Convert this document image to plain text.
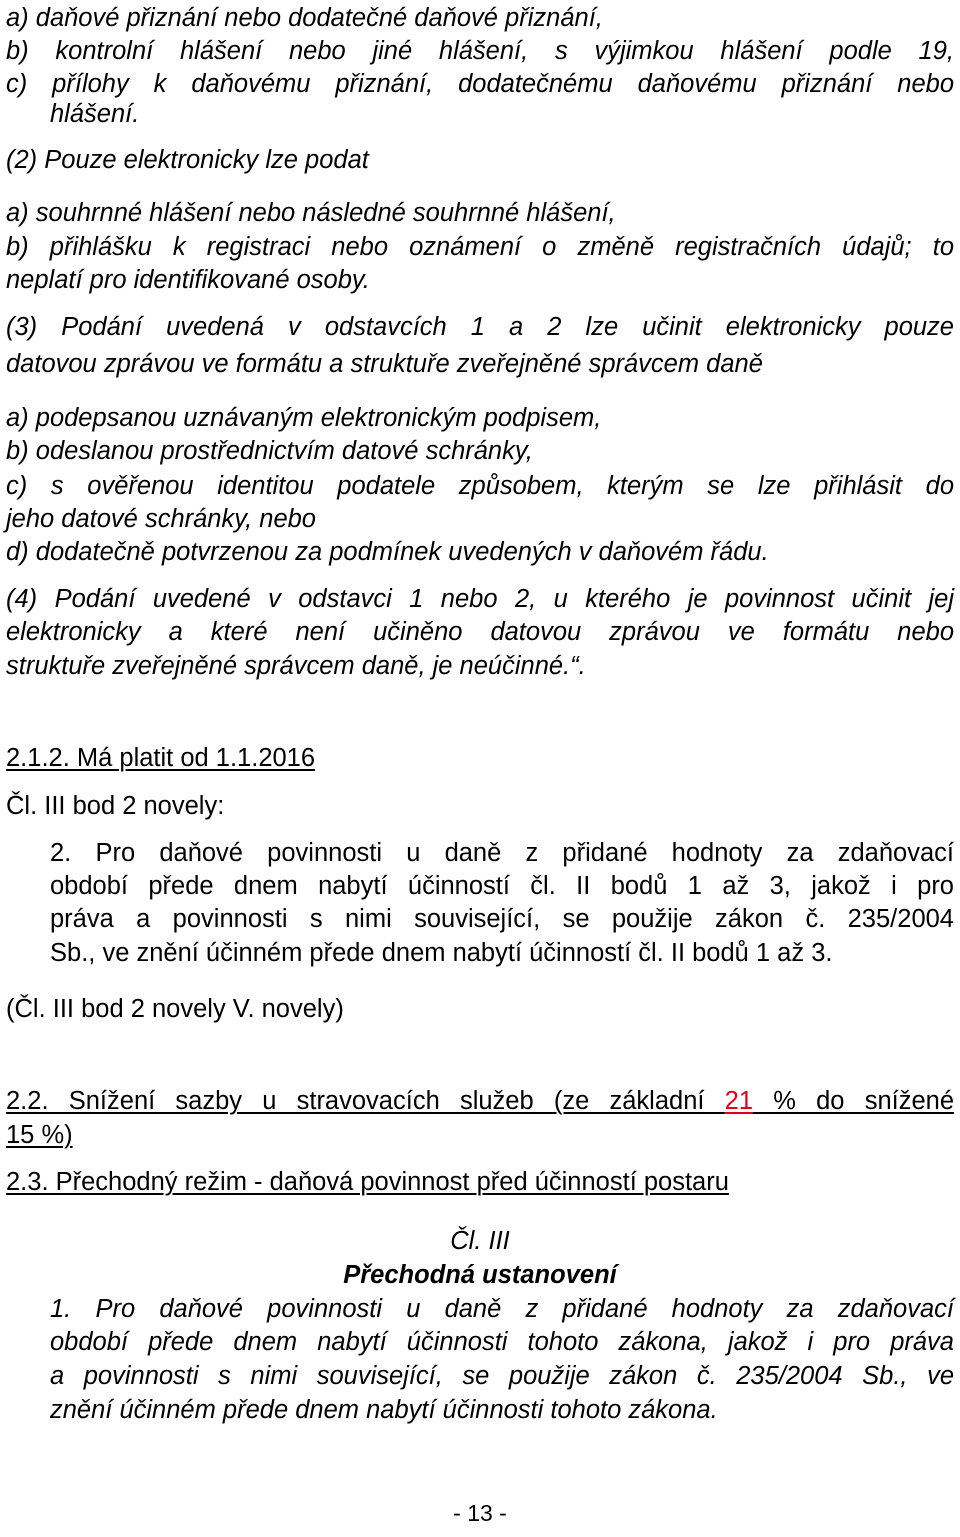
a) daňové přiznání nebo dodatečné daňové přiznání,
b) kontrolní hlášení nebo jiné hlášení, s výjimkou hlášení podle 19,
c) přílohy k daňovému přiznání, dodatečnému daňovému přiznání nebo
hlášení.
(2) Pouze elektronicky lze podat
a) souhrnné hlášení nebo následné souhrnné hlášení,
b) přihlášku k registraci nebo oznámení o změně registračních údajů; to
neplatí pro identifikované osoby.
(3) Podání uvedená v odstavcích 1 a 2 lze učinit elektronicky pouze
datovou zprávou ve formátu a struktuře zveřejněné správcem daně
a) podepsanou uznávaným elektronickým podpisem,
b) odeslanou prostřednictvím datové schránky,
c) s ověřenou identitou podatele způsobem, kterým se lze přihlásit do
jeho datové schránky, nebo
d) dodatečně potvrzenou za podmínek uvedených v daňovém řádu.
(4) Podání uvedené v odstavci 1 nebo 2, u kterého je povinnost učinit jej
elektronicky a které není učiněno datovou zprávou ve formátu nebo
struktuře zveřejněné správcem daně, je neúčinné.“.
2.1.2. Má platit od 1.1.2016
Čl. III bod 2 novely:
2. Pro daňové povinnosti u daně z přidané hodnoty za zdaňovací
období přede dnem nabytí účinností čl. II bodů 1 až 3, jakož i pro
práva a povinnosti s nimi související, se použije zákon č. 235/2004
Sb., ve znění účinném přede dnem nabytí účinností čl. II bodů 1 až 3.
(Čl. III bod 2 novely V. novely)
2.2. Snížení sazby u stravovacích služeb (ze základní 21 % do snížené
15 %)
2.3. Přechodný režim - daňová povinnost před účinností postaru
Čl. III
Přechodná ustanovení
1. Pro daňové povinnosti u daně z přidané hodnoty za zdaňovací
období přede dnem nabytí účinnosti tohoto zákona, jakož i pro práva
a povinnosti s nimi související, se použije zákon č. 235/2004 Sb., ve
znění účinném přede dnem nabytí účinnosti tohoto zákona.
- 13 -
